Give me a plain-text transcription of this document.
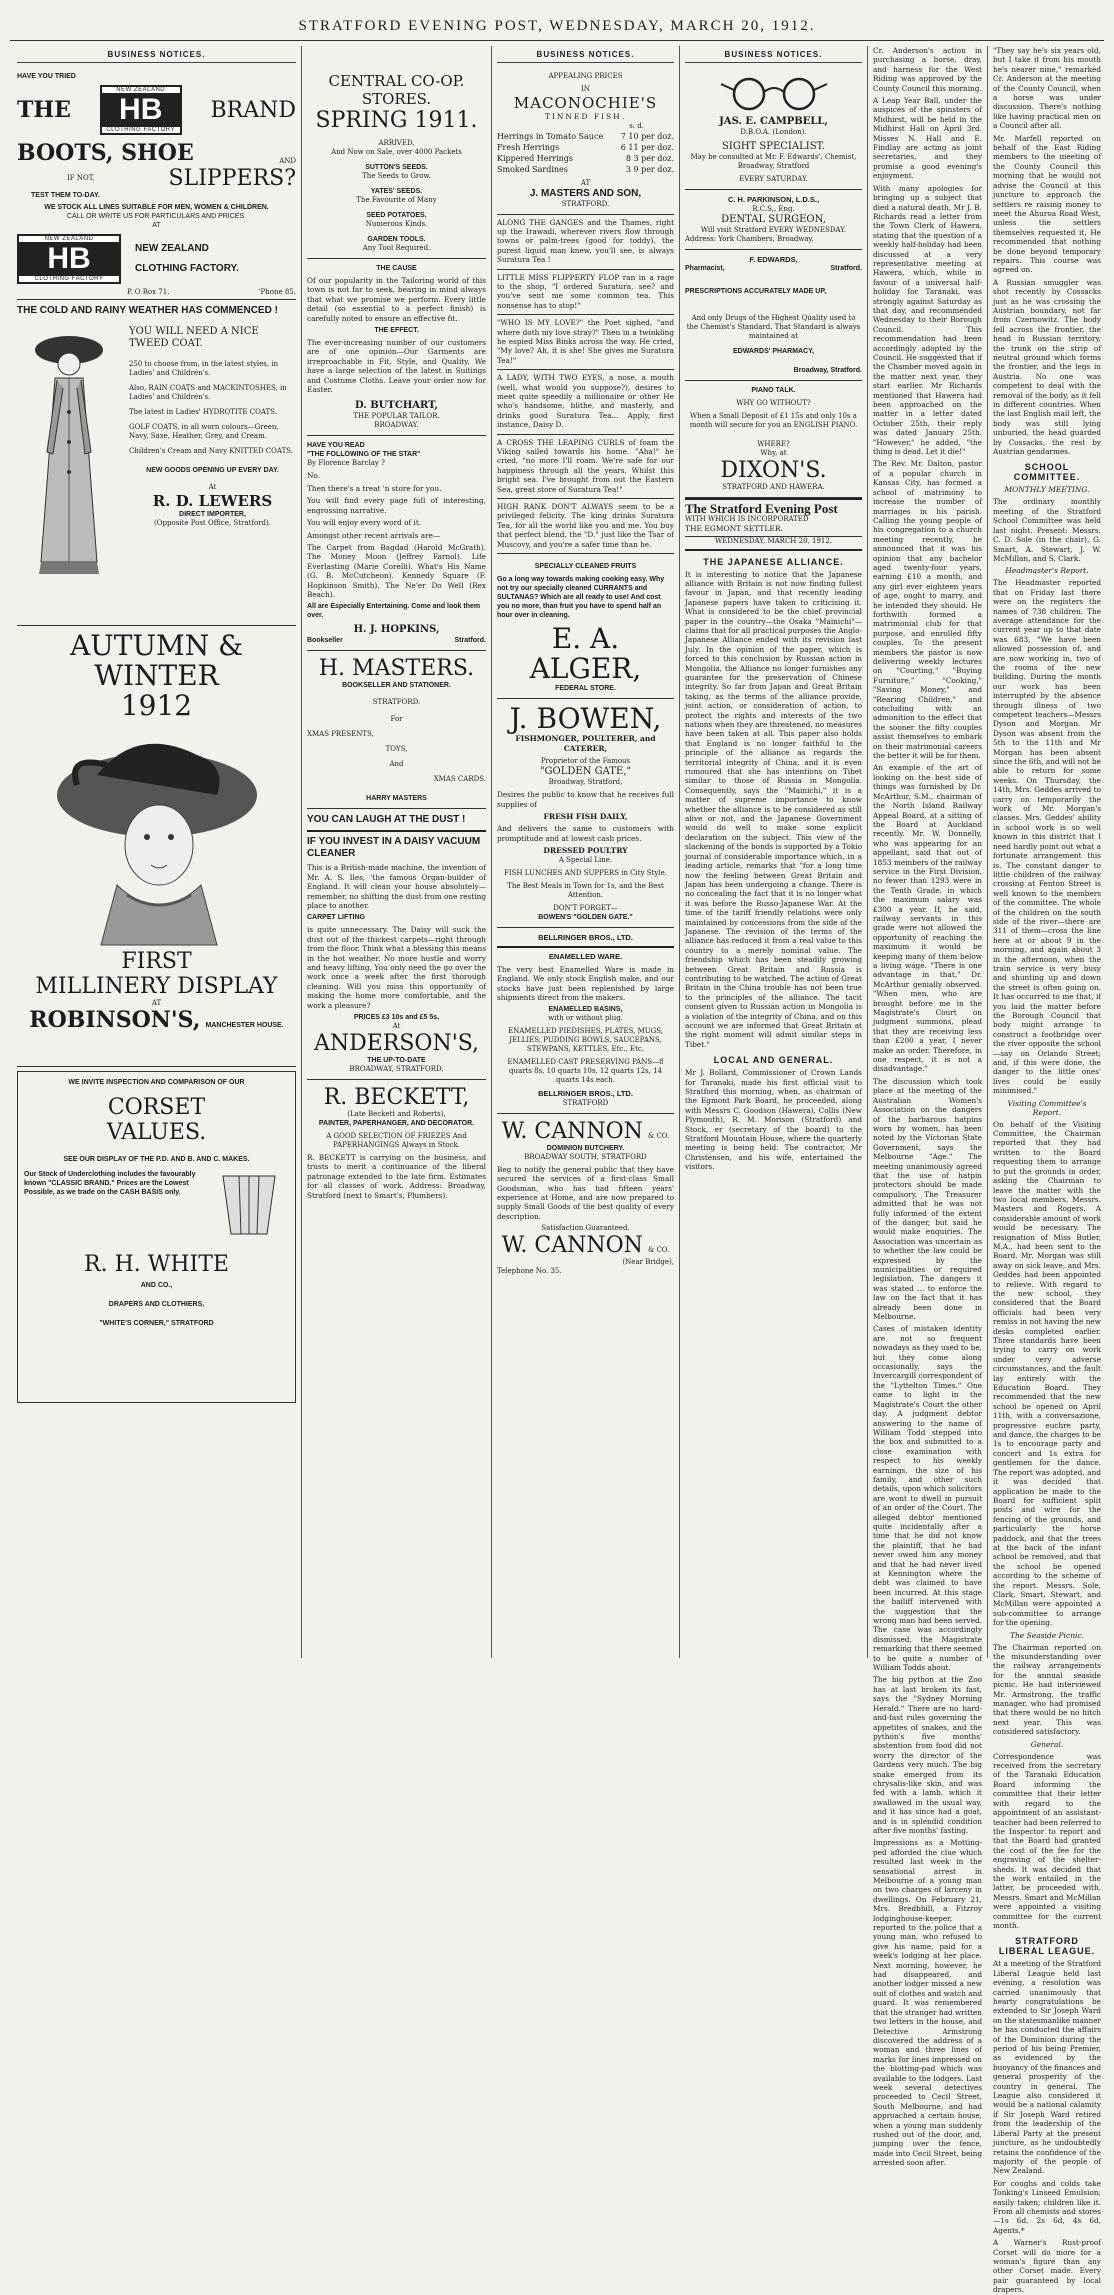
STRATFORD EVENING POST, WEDNESDAY, MARCH 20, 1912.
BUSINESS NOTICES.
HAVE YOU TRIED
THE
NEW ZEALAND
HB
CLOTHING FACTORY
BRAND
BOOTS, SHOE	AND
IF NOT,	SLIPPERS?
TEST THEM TO-DAY.
WE STOCK ALL LINES SUITABLE FOR MEN, WOMEN & CHILDREN.
CALL OR WRITE US FOR PARTICULARS AND PRICES.
AT
NEW ZEALAND
HB
CLOTHING FACTORY
NEW ZEALAND
CLOTHING FACTORY.
P. O Box 71.	'Phone 85.
THE COLD AND RAINY WEATHER HAS COMMENCED !
YOU WILL NEED A NICE TWEED COAT.
250 to choose from, in the latest styles, in Ladies' and Children's.
Also, RAIN COATS and MACKINTOSHES, in Ladies' and Children's.
The latest in Ladies' HYDROTITE COATS.
GOLF COATS, in all worn colours—Green, Navy, Saxe, Heather, Grey, and Cream.
Children's Cream and Navy KNITTED COATS.
NEW GOODS OPENING UP EVERY DAY.
At
R. D. LEWERS
DIRECT IMPORTER,
(Opposite Post Office, Stratford).
AUTUMN & WINTER
1912
FIRST
MILLINERY DISPLAY
AT
ROBINSON'S, MANCHESTER HOUSE.
WE INVITE INSPECTION AND COMPARISON OF OUR
CORSET
VALUES.
SEE OUR DISPLAY OF THE P.D. AND B. AND C. MAKES.
Our Stock of Underclothing includes the favourably known "CLASSIC BRAND." Prices are the Lowest Possible, as we trade on the CASH BASIS only.
R. H. WHITE
AND CO.,
DRAPERS AND CLOTHIERS,
"WHITE'S CORNER," STRATFORD
CENTRAL CO-OP. STORES.
SPRING 1911.
ARRIVED,
And Now on Sale, over 4000 Packets
SUTTON'S SEEDS.
The Seeds to Grow.
YATES' SEEDS.
The Favourite of Many
SEED POTATOES.
Numerous Kinds.
GARDEN TOOLS.
Any Tool Required.
THE CAUSE
Of our popularity in the Tailoring world of this town is not far to seek, bearing in mind always that what we promise we perform. Every little detail (so essential to a perfect finish) is carefully noted to ensure an effective fit.
THE EFFECT.
The ever-increasing number of our customers are of one opinion—Our Garments are irreproachable in Fit, Style, and Quality. We have a large selection of the latest in Suitings and Costume Cloths. Leave your order now for Easter.
D. BUTCHART,
THE POPULAR TAILOR.
BROADWAY.
HAVE YOU READ
"THE FOLLOWING OF THE STAR"
By Florence Barclay ?
No.
Then there's a treat 'n store for you.
You will find every page full of interesting, engrossing narrative.
You will enjoy every word of it.
Amongst other recent arrivals are—
The Carpet from Bagdad (Harold McGrath). The Money Moon (Jeffrey Farnol). Life Everlasting (Marie Corelli). What's His Name (G. B. McCutcheon). Kennedy Square (F. Hopkinson Smith). The Ne'er Do Well (Rex Beach).
All are Especially Entertaining. Come and look them over.
H. J. HOPKINS,
Bookseller	Stratford.
H. MASTERS.
BOOKSELLER AND STATIONER.
STRATFORD.
For
XMAS PRESENTS,
TOYS,
And
XMAS CARDS.
HARRY MASTERS
YOU CAN LAUGH AT THE DUST !
IF YOU INVEST IN A DAISY VACUUM CLEANER
This is a British-made machine, the invention of Mr. A. S. Iles, 'the famous Organ-builder of England. It will clean your house absolutely—remember, no shifting the dust from one resting place to another.
CARPET LIFTING
is quite unnecessary. The Daisy will suck the dust out of the thickest carpets—right through from the floor. Think what a blessing this means in the hot weather. No more hustle and worry and heavy lifting. You only need the go over the work once a week after the first thorough cleaning. Will you miss this opportunity of making the home more comfortable, and the work a pleasure?
PRICES £3 10s and £5 5s,
At
ANDERSON'S,
THE UP-TO-DATE
BROADWAY, STRATFORD.
R. BECKETT,
(Late Beckett and Roberts),
PAINTER, PAPERHANGER, AND DECORATOR.
A GOOD SELECTION OF FRIEZES And PAPERHANGINGS Always in Stock.
R. BECKETT is carrying on the business, and trusts to merit a continuance of the liberal patronage extended to the late firm. Estimates for all classes of work. Address: Broadway, Stratford (next to Smart's, Plumbers).
BUSINESS NOTICES.
APPEALING PRICES
IN
MACONOCHIE'S
TINNED FISH.
s. d.
Herrings in Tomato Sauce 7 10 per doz.
Fresh Herrings	6 11 per doz.
Kippered Herrings	8 3 per doz.
Smoked Sardines	3 9 per doz.
AT
J. MASTERS AND SON,
STRATFORD.
ALONG THE GANGES and the Thames, right up the Irawadi, wherever rivers flow through towns or palm-trees (good for toddy), the purest liquid man knew, you'll see, is always Suratura Tea !
LITTLE MISS FLIPPERTY FLOP ran in a rage to the shop, "I ordered Suratura, see? and you've sent me some common tea. This nonsense has to stop!"
"WHO IS MY LOVE?" the Poet sighed, "and where doth my love stray?" Then in a twinkling he espied Miss Binks across the way. He cried, "My love? Ah, it is she! She gives me Suratura Tea!"
A LADY, WITH TWO EYES, a nose, a mouth (well, what would you suppose?), desires to meet quite speedily a millionaire or other He who's handsome, blithe, and masterly, and drinks good Suratura Tea... Apply, first instance, Daisy D.
A CROSS THE LEAPING CURLS of foam the Viking sailed towards his home. "Aha!" he cried, "no more I'll roam. We're safe for our happiness through all the years, Whilst this bright sea. I've brought from out the Eastern Sea, great store of Suratura Tea!"
HIGH RANK DON'T ALWAYS seem to be a privileged felicity. The king drinks Suratura Tea, for all the world like you and me. You buy that perfect blend, the "D." just like the Tsar of Muscovy, and you're a safer time than he.
SPECIALLY CLEANED FRUITS
Go a long way towards making cooking easy. Why not try our specially cleaned CURRANTS and SULTANAS? Which are all ready to use! And cost you no more, than fruit you have to spend half an hour over in cleaning.
E. A. ALGER,
FEDERAL STORE.
J. BOWEN,
FISHMONGER, POULTERER, and CATERER,
Proprietor of the Famous
"GOLDEN GATE,"
Broadway, Stratford,
Desires the public to know that he receives full supplies of
FRESH FISH DAILY,
And delivers the same to customers with promptitude and at lowest cash prices.
DRESSED POULTRY
A Special Line.
FISH LUNCHES AND SUPPERS in City Style.
The Best Meals in Town for 1s, and the Best Attention.
DON'T FORGET—
BOWEN'S "GOLDEN GATE."
BELLRINGER BROS., LTD.
ENAMELLED WARE.
The very best Enamelled Ware is made in England. We only stock English make, and our stocks have just been replenished by large shipments direct from the makers.
ENAMELLED BASINS,
with or without plug.
ENAMELLED PIEDISHES, PLATES, MUGS, JELLIES, PUDDING BOWLS, SAUCEPANS, STEWPANS, KETTLES, Etc., Etc.
ENAMELLED CAST PRESERVING PANS—8 quarts 8s, 10 quarts 10s, 12 quarts 12s, 14 quarts 14s each.
BELLRINGER BROS., LTD.
STRATFORD
W. CANNON & CO.
DOMINION BUTCHERY.
BROADWAY SOUTH, STRATFORD
Beg to notify the general public that they have secured the services of a first-class Small Goodsman, who has had fifteen years' experience at Home, and are now prepared to supply Small Goods of the best quality of every description.
Satisfaction Guaranteed.
W. CANNON & CO.
(Near Bridge),
Telephone No. 35.
BUSINESS NOTICES.
JAS. E. CAMPBELL,
D.B.O.A. (London).
SIGHT SPECIALIST.
May be consulted at Mr. F. Edwards', Chemist, Broadway, Stratford
EVERY SATURDAY.
C. H. PARKINSON, L.D.S.,
R.C.S., Eng.
DENTAL SURGEON,
Will visit Stratford EVERY WEDNESDAY.
Address: York Chambers, Broadway.
F. EDWARDS,
Pharmacist,	Stratford.
PRESCRIPTIONS ACCURATELY MADE UP,
And only Drugs of the Highest Quality used to the Chemist's Standard. That Standard is always maintained at
EDWARDS' PHARMACY,
Broadway, Stratford.
PIANO TALK.
WHY GO WITHOUT?
When a Small Deposit of £1 15s and only 10s a month will secure for you an ENGLISH PIANO.
WHERE?
Why, at
DIXON'S.
STRATFORD AND HAWERA.
The Stratford Evening Post
WITH WHICH IS INCORPORATED
THE EGMONT SETTLER.
WEDNESDAY, MARCH 20, 1912.
THE JAPANESE ALLIANCE.
It is interesting to notice that the Japanese alliance with Britain is not now finding fullest favour in Japan, and that recently leading Japanese papers have taken to criticising it. What is considered to be the chief provincial paper in the country—the Osaka "Mainichi"—claims that for all practical purposes the Anglo-Japanese Alliance ended with its revision last July. In the opinion of the paper, which is forced to this conclusion by Russian action in Mongolia, the Alliance no longer furnishes any guarantee for the preservation of Chinese integrity. So far from Japan and Great Britain taking, as the terms of the alliance provide, joint action, or consideration of action, to protect the rights and interests of the two nations when they are threatened, no measures have been taken at all. This paper also holds that England is no longer faithful to the principle of the alliance as regards the territorial integrity of China, and it is even rumoured that she has intentions on Tibet similar to those of Russia in Mongolia. Consequently, says the "Mainichi," it is a matter of supreme importance to know whether the alliance is to be considered as still alive or not, and the Japanese Government would do well to make some explicit declaration on the subject. This view of the slackening of the bonds is supported by a Tokio journal of considerable importance which, in a leading article, remarks that "for a long time now the feeling between Great Britain and Japan has been undergoing a change. There is no concealing the fact that it is no longer what it was before the Russo-Japanese War. At the time of the tariff friendly relations were only maintained by concessions from the side of the Japanese. The revision of the terms of the alliance has reduced it from a real value to this country to a merely nominal value. The friendship which has been steadily growing between Great Britain and Russia is contributing to be watched. The action of Great Britain in the China trouble has not been true to the principles of the alliance. The tacit consent given to Russian action in Mongolia is a violation of the integrity of China, and on this account we are informed that Great Britain at the right moment will admit similar steps in Tibet."
LOCAL AND GENERAL.
Mr J. Bollard, Commissioner of Crown Lands for Taranaki, made his first official visit to Stratford this morning, when, as chairman of the Egmont Park Board, he proceeded, along with Messrs C. Goodson (Hawera), Collis (New Plymouth), R. M. Morison (Stratford) and Stock, er (secretary of the board) to the Stratford Mountain House, where the quarterly meeting is being held. The contractor, Mr Christensen, and his wife, entertained the visitors.
Cr. Anderson's action in purchasing a horse, dray, and harness for the West Riding was approved by the County Council this morning.
A Leap Year Ball, under the auspices of the spinsters of Midhirst, will be held in the Midhirst Hall on April 3rd. Misses N. Hall and E. Findlay are acting as joint secretaries, and they promise a good evening's enjoyment.
With many apologies for bringing up a subject that died a natural death, Mr J. B. Richards read a letter from the Town Clerk of Hawera, stating that the question of a weekly half-holiday had been discussed at a very representative meeting at Hawera, which, while in favour of a universal half-holiday for Taranaki, was strongly against Saturday as that day, and recommended Wednesday to their Borough Council. This recommendation had been accordingly adopted by the Council. He suggested that if the Chamber moved again in the matter next year, they start earlier. Mr Richards mentioned that Hawera had been approached on the matter in a letter dated October 25th, their reply was dated January 25th. "However," he added, "the thing is dead. Let it die!"
The Rev. Mr. Dalton, pastor of a popular church in Kansas City, has formed a school of matrimony to increase the number of marriages in his parish. Calling the young people of his congregation to a church meeting recently, he announced that it was his opinion that any bachelor aged twenty-four years, earning £10 a month, and any girl ever eighteen years of age, ought to marry, and he intended they should. He forthwith formed a matrimonial club for that purpose, and enrolled fifty couples. To the present members the pastor is now delivering weekly lectures on "Courting," "Buying Furniture," "Cooking," "Saving Money," and "Rearing Children," and concluding with an admonition to the effect that the sooner the fifty couples assist themselves to embark on their matrimonial careers the better it will be for them.
An example of the art of looking on the best side of things was furnished by Dr. McArthur, S.M., chairman of the North Island Railway Appeal Board, at a sitting of the Board at Auckland recently. Mr. W. Donnelly, who was appearing for an appellant, said that out of 1853 members of the railway service in the First Division, no fewer than 1293 were in the Tenth Grade, in which the maximum salary was £300 a year. If, he said, railway servants in this grade were not allowed the opportunity of reaching the maximum it would be keeping many of them below a living wage. "There is one advantage in that," Dr. McArthur genially observed. "When men, who are brought before me in the Magistrate's Court on judgment summons, plead that they are receiving less than £200 a year, I never make an order. Therefore, in one respect, it is not a disadvantage."
The discussion which took place at the meeting of the Australian Women's Association on the dangers of the barbarous hatpins worn by women, has been noted by the Victorian State Government, says the Melbourne "Age." The meeting unanimously agreed that the use of hatpin protectors should be made compulsory. The Treasurer admitted that he was not fully informed of the extent of the danger, but said he would make enquiries. The Association was uncertain as to whether the law could be expressed by the municipalities or required legislation. The dangers it was stated ... to enforce the law on the fact that it has already been done in Melbourne.
Cases of mistaken identity are not so frequent nowadays as they used to be, but they come along occasionally, says the Invercargill correspondent of the "Lyttelton Times." One came to light in the Magistrate's Court the other day. A judgment debtor answering to the name of William Todd stepped into the box and submitted to a close examination with respect to his weekly earnings, the size of his family, and other such details, upon which solicitors are wont to dwell in pursuit of an order of the Court. The alleged debtor mentioned quite incidentally after a time that he did not know the plaintiff, that he had never owed him any money and that he had never lived at Kennington where the debt was claimed to have been incurred. At this stage the bailiff intervened with the suggestion that the wrong man had been served. The case was accordingly dismissed, the Magistrate remarking that there seemed to be quite a number of William Todds about.
The big python at the Zoo has at last broken its fast, says the "Sydney Morning Herald." There are no hard-and-fast rules governing the appetites of snakes, and the python's five months' abstention from food did not worry the director of the Gardens very much. The big snake emerged from its chrysalis-like skin, and was fed with a lamb, which it swallowed in the usual way, and it has since had a goat, and is in splendid condition after five months' fasting.
Impressions as a Motting-ped afforded the clue which resulted last week in the sensational arrest in Melbourne of a young man on two charges of larceny in dwellings. On February 21, Mrs. Bredbhill, a Fitzroy lodginghouse-keeper, reported to the police that a young man, who refused to give his name, paid for a week's lodging at her place. Next morning, however, he had disappeared, and another lodger missed a new suit of clothes and watch and guard. It was remembered that the stranger had written two letters in the house, and Detective Armstrong discovered the address of a woman and three lines of marks for lines impressed on the blotting-pad which was available to the lodgers. Last week several detectives proceeded to Cecil Street, South Melbourne, and had approached a certain house, when a young man suddenly rushed out of the door, and, jumping over the fence, made into Cecil Street, being arrested soon after.
"They say he's six years old, but I take it from his mouth he's nearer nine," remarked Cr. Anderson at the meeting of the County Council, when a horse was under discussion. There's nothing like having practical men on a Council after all.
Mr. Marfell reported on behalf of the East Riding members to the meeting of the County Council this morning that he would not advise the Council at this juncture to approach the settlers re raising money to meet the Ahuroa Road West, unless the settlers themselves requested it. He recommended that nothing be done beyond temporary repairs. This course was agreed on.
A Russian smuggler was shot recently by Cossacks just as he was crossing the Austrian boundary, not far from Czernowitz. The body fell across the frontier, the head in Russian territory, the trunk on the strip of neutral ground which forms the frontier, and the legs in Austria. No one was competent to deal with the removal of the body, as it fell in different countries. When the last English mail left, the body was still lying unburied, the head guarded by Cossacks, the rest by Austrian gendarmes.
SCHOOL COMMITTEE.
MONTHLY MEETING.
The ordinary monthly meeting of the Stratford School Committee was held last night. Present: Messrs. C. D. Sole (in the chair), G. Smart, A. Stewart, J. W. McMillan, and S. Clark.
Headmaster's Report.
The Headmaster reported that on Friday last there were on the registers the names of 738 children. The average attendance for the current year up to that date was 683. "We have been allowed possession of, and are now working in, two of the rooms of the new building. During the month our work has been interrupted by the absence through illness of two competent teachers—Messrs Dyson and Morgan. Mr Dyson was absent from the 5th to the 11th and Mr Morgan has been absent since the 6th, and will not be able to return for some weeks. On Thursday, the 14th, Mrs. Geddes arrived to carry on temporarily the work of Mr. Morgan's classes. Mrs. Geddes' ability in school work is so well known in this district that I need hardly point out what a fortunate arrangement this is. The constant danger to little children of the railway crossing at Fenton Street is well known to the members of the committee. The whole of the children on the south side of the river—there are 311 of them—cross the line here at or about 9 in the morning, and again about 3 in the afternoon, when the train service is very busy and shunting up and down the street is often going on. It has occurred to me that, if you laid the matter before the Borough Council that body might arrange to construct a footbridge over the river opposite the school—say on Orlando Street; and, if this were done, the danger to the little ones' lives could be easily minimised."
Visiting Committee's Report.
On behalf of the Visiting Committee, the Chairman reported that they had written to the Board requesting them to arrange to put the grounds in order, asking the Chairman to leave the matter with the two local members, Messrs. Masters and Rogers. A considerable amount of work would be necessary. The resignation of Miss Butler, M.A., had been sent to the Board. Mr. Morgan was still away on sick leave, and Mrs. Geddes had been appointed to relieve. With regard to the new school, they considered that the Board officials had been very remiss in not having the new desks completed earlier. Three standards have been trying to carry on work under very adverse circumstances, and the fault lay entirely with the Education Board. They recommended that the new school be opened on April 11th, with a conversazione, progressive euchre party, and dance, the charges to be 1s to encourage party and concert and 1s extra for gentlemen for the dance. The report was adopted, and it was decided that application be made to the Board for sufficient split posts and wire for the fencing of the grounds, and particularly the horse paddock, and that the trees at the back of the infant school be removed, and that the school be opened according to the scheme of the report. Messrs. Sole, Clark, Smart, Stewart, and McMillan were appointed a sub-committee to arrange for the opening.
The Seaside Picnic.
The Chairman reported on the misunderstanding over the railway arrangements for the annual seaside picnic. He had interviewed Mr. Armstrong, the traffic manager, who had promised that there would be no hitch next year. This was considered satisfactory.
General.
Correspondence was received from the secretary of the Taranaki Education Board informing the committee that their letter with regard to the appointment of an assistant-teacher had been referred to the Inspector to report and that the Board had granted the cost of the fee for the engraving of the shelter-sheds. It was decided that the work entailed in the latter, be proceeded with. Messrs. Smart and McMillan were appointed a visiting committee for the current month.
STRATFORD LIBERAL LEAGUE.
At a meeting of the Stratford Liberal League held last evening, a resolution was carried unanimously that hearty congratulations be extended to Sir Joseph Ward on the statesmanlike manner he has conducted the affairs of the Dominion during the period of his being Premier, as evidenced by the buoyancy of the finances and general prosperity of the country in general. The League also considered it would be a national calamity if Sir Joseph Ward retired from the leadership of the Liberal Party at the present juncture, as he undoubtedly retains the confidence of the majority of the people of New Zealand.
For coughs and colds take Tonking's Linseed Emulsion; easily taken; children like it. From all chemists and stores—1s 6d, 2s 6d, 4s 6d, Agents.*
A Warner's Rust-proof Corset will do more for a woman's figure than any other Corset made. Every pair guaranteed by local drapers.
